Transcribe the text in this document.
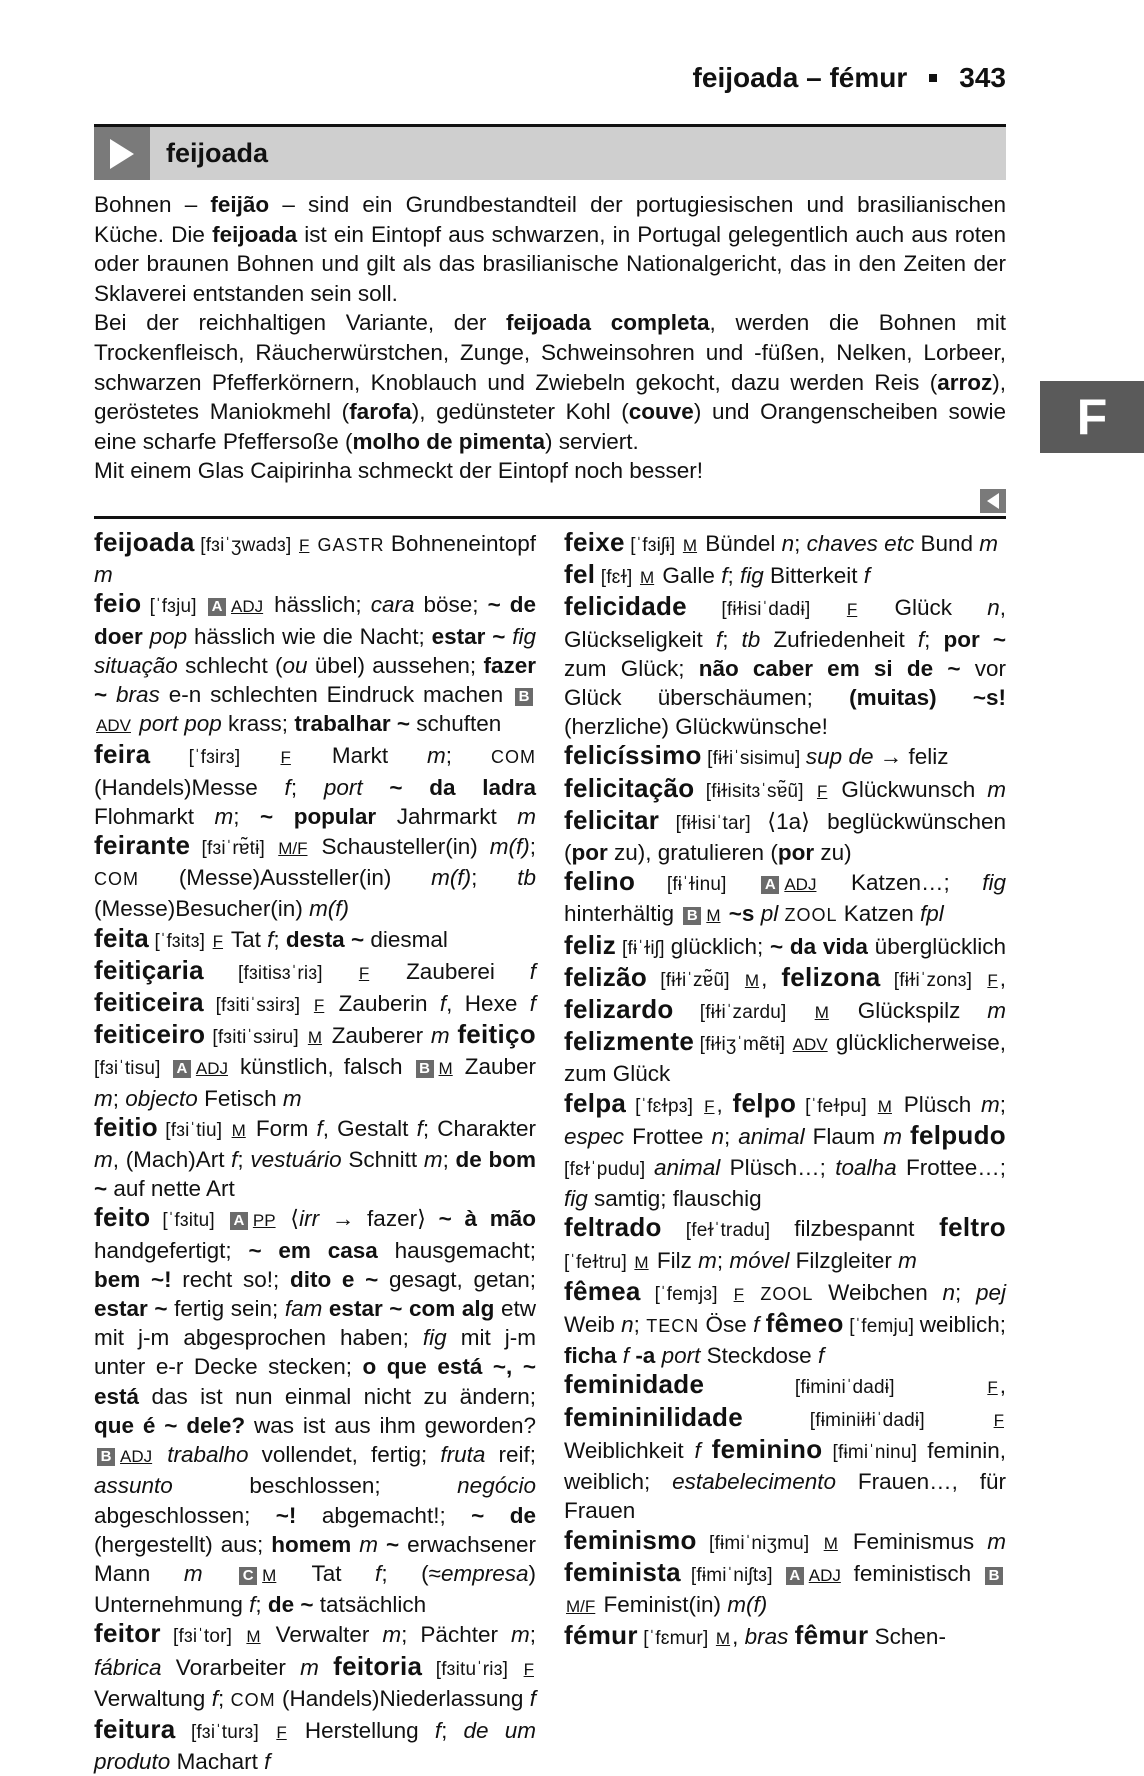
feijoada – fémur 343
feijoada

Bohnen – feijão – sind ein Grundbestandteil der portugiesischen und brasilianischen Küche. Die feijoada ist ein Eintopf aus schwarzen, in Portugal gelegentlich auch aus roten oder braunen Bohnen und gilt als das brasilianische Nationalgericht, das in den Zeiten der Sklaverei entstanden sein soll.

Bei der reichhaltigen Variante, der feijoada completa, werden die Bohnen mit Trockenfleisch, Räucherwürstchen, Zunge, Schweinsohren und -füßen, Nelken, Lorbeer, schwarzen Pfefferkörnern, Knoblauch und Zwiebeln gekocht, dazu werden Reis (arroz), geröstetes Maniokmehl (farofa), gedünsteter Kohl (couve) und Orangenscheiben sowie eine scharfe Pfeffersoße (molho de pimenta) serviert.

Mit einem Glas Caipirinha schmeckt der Eintopf noch besser!

F
feijoada [fɜiˈʒwadɜ] F GASTR Bohneneintopf m
feio [ˈfɜju] A ADJ hässlich; cara böse; ~ de doer pop hässlich wie die Nacht; estar ~ fig situação schlecht (ou übel) aussehen; fazer ~ bras e-n schlechten Eindruck machen BADV port pop krass; trabalhar ~ schuften
feira [ˈfɜirɜ] F Markt m; COM (Handels)Messe f; port ~ da ladra Flohmarkt m; ~ popular Jahrmarkt m feirante [fɜiˈrɐ̃tɨ] M/F Schausteller(in) m(f); COM (Messe)Aussteller(in) m(f); tb (Messe)Besucher(in) m(f)
feita [ˈfɜitɜ] F Tat f; desta ~ diesmal
feitiçaria [fɜitisɜˈriɜ] F Zauberei f feiticeira [fɜitiˈsɜirɜ] F Zauberin f, Hexe f feiticeiro [fɜitiˈsɜiru] M Zauberer m feitiço [fɜiˈtisu] A ADJ künstlich, falsch B M Zauber m; objecto Fetisch m
feitio [fɜiˈtiu] M Form f, Gestalt f; Charakter m, (Mach)Art f; vestuário Schnitt m; de bom ~ auf nette Art
feito [ˈfɜitu] A PP ⟨irr → fazer⟩ ~ à mão handgefertigt; ~ em casa hausgemacht; bem ~! recht so!; dito e ~ gesagt, getan; estar ~ fertig sein; fam estar ~ com alg etw mit j-m abgesprochen haben; fig mit j-m unter e-r Decke stecken; o que está ~, ~ está das ist nun einmal nicht zu ändern; que é ~ dele? was ist aus ihm geworden? B ADJ trabalho vollendet, fertig; fruta reif; assunto beschlossen; negócio abgeschlossen; ~! abgemacht!; ~ de (hergestellt) aus; homem m ~ erwachsener Mann m	C M Tat f; (≈empresa) Unternehmung f; de ~ tatsächlich
feitor [fɜiˈtor] M Verwalter m; Pächter m; fábrica Vorarbeiter m feitoria [fɜituˈriɜ] F Verwaltung f; COM (Handels)Niederlassung f feitura [fɜiˈturɜ] F Herstellung f; de um produto Machart f
feixe [ˈfɜiʃɨ] M Bündel n; chaves etc Bund m
fel [fɛɫ] M Galle f; fig Bitterkeit f
felicidade [fɨɫisiˈdadɨ] F Glück n, Glückseligkeit f; tb Zufriedenheit f; por ~ zum Glück; não caber em si de ~ vor Glück überschäumen; (muitas) ~s! (herzliche) Glückwünsche!
felicíssimo [fɨɫiˈsisimu] sup de → feliz
felicitação [fɨɫisitɜˈsɐ̃ũ] F Glückwunsch m felicitar [fɨɫisiˈtar] ⟨1a⟩ beglückwünschen (por zu), gratulieren (por zu)
felino [fɨˈɫinu] A ADJ Katzen…; fig hinterhältig B M ~s pl ZOOL Katzen fpl
feliz [fɨˈɫiʃ] glücklich; ~ da vida überglücklich felizão [fɨɫiˈzɐ̃ũ] M, felizona [fɨɫiˈzonɜ] F, felizardo [fɨɫiˈzardu] M Glückspilz m felizmente [fɨɫiʒˈmẽtɨ] ADV glücklicherweise, zum Glück
felpa [ˈfɛɫpɜ] F, felpo [ˈfeɫpu] M Plüsch m; espec Frottee n; animal Flaum m felpudo [fɛɫˈpudu] animal Plüsch…; toalha Frottee…; fig samtig; flauschig
feltrado [feɫˈtradu] filzbespannt feltro [ˈfeɫtru] M Filz m; móvel Filzgleiter m
fêmea [ˈfemjɜ] F ZOOL Weibchen n; pej Weib n; TECN Öse f fêmeo [ˈfemju] weiblich; ficha f -a port Steckdose f
feminidade [fɨminiˈdadɨ] F, femininilidade [fɨminiɨɫiˈdadɨ] F Weiblichkeit f feminino [fɨmiˈninu] feminin, weiblich; estabelecimento Frauen…, für Frauen
feminismo [fɨmiˈniʒmu] M Feminismus m feminista [fɨmiˈniʃtɜ] A ADJ feministisch BM/F Feminist(in) m(f)
fémur [ˈfɛmur] M, bras fêmur Schen-
